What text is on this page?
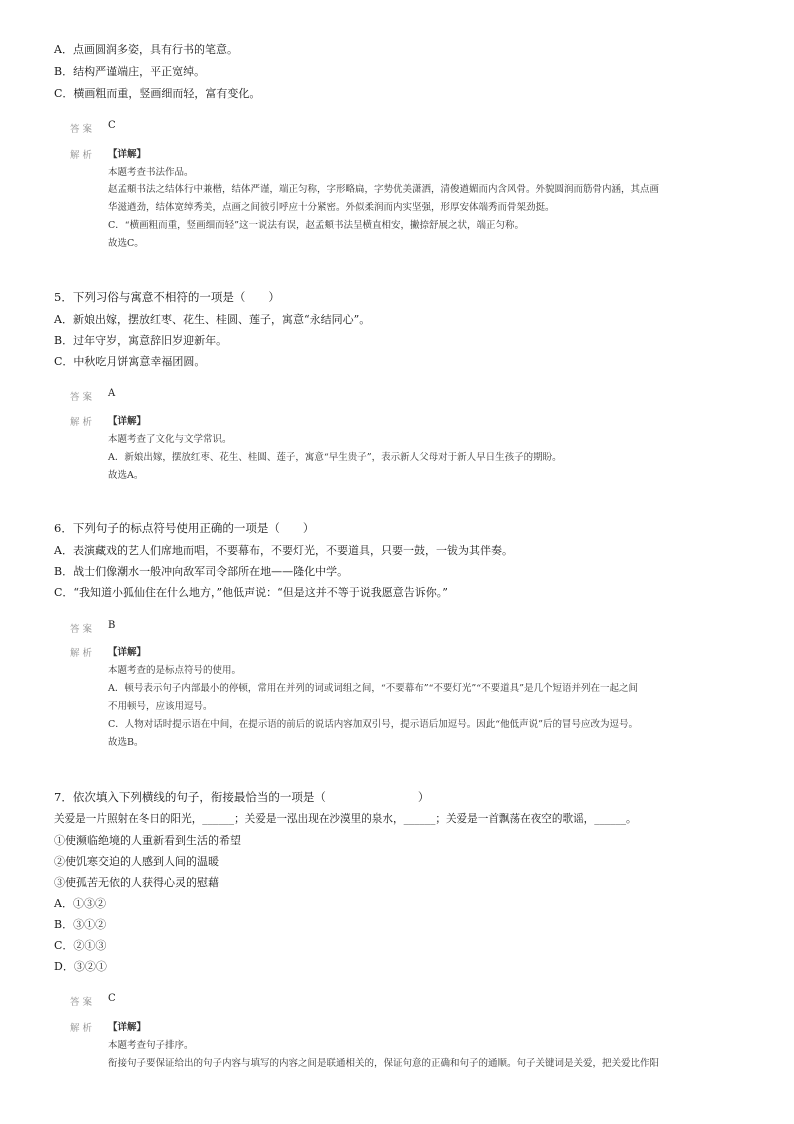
A．点画圆润多姿，具有行书的笔意。
B．结构严谨端庄，平正宽绰。
C．横画粗而重，竖画细而轻，富有变化。
答案 C
解析 【详解】
本题考查书法作品。
赵孟頫书法之结体行中兼楷，结体严谨，端正匀称，字形略扁，字势优美潇洒，清俊遒媚而内含风骨。外貌圆润而筋骨内涵，其点画
华滋遒劲，结体宽绰秀美，点画之间彼引呼应十分紧密。外似柔润而内实坚强，形厚安体端秀而骨架劲挺。
C．“横画粗而重，竖画细而轻”这一说法有误，赵孟頫书法呈横直相安，撇捺舒展之状，端正匀称。
故选C。
5．下列习俗与寓意不相符的一项是（　　）
A．新娘出嫁，摆放红枣、花生、桂圆、莲子，寓意“永结同心”。
B．过年守岁，寓意辞旧岁迎新年。
C．中秋吃月饼寓意幸福团圆。
答案 A
解析 【详解】
本题考查了文化与文学常识。
A．新娘出嫁，摆放红枣、花生、桂圆、莲子，寓意“早生贵子”，表示新人父母对于新人早日生孩子的期盼。
故选A。
6．下列句子的标点符号使用正确的一项是（　　）
A．表演藏戏的艺人们席地而唱，不要幕布，不要灯光，不要道具，只要一鼓，一钹为其伴奏。
B．战士们像潮水一般冲向敌军司令部所在地——隆化中学。
C．“我知道小狐仙住在什么地方，”他低声说：“但是这并不等于说我愿意告诉你。”
答案 B
解析 【详解】
本题考查的是标点符号的使用。
A．顿号表示句子内部最小的停顿，常用在并列的词或词组之间，“不要幕布”“不要灯光”“不要道具”是几个短语并列在一起之间
不用顿号，应该用逗号。
C．人物对话时提示语在中间，在提示语的前后的说话内容加双引号，提示语后加逗号。因此“他低声说”后的冒号应改为逗号。
故选B。
7．依次填入下列横线的句子，衔接最恰当的一项是（　　　　　　　　）
关爱是一片照射在冬日的阳光，______；关爱是一泓出现在沙漠里的泉水，______；关爱是一首飘荡在夜空的歌谣，______。
①使濒临绝境的人重新看到生活的希望
②使饥寒交迫的人感到人间的温暖
③使孤苦无依的人获得心灵的慰藉
A．①③②
B．③①②
C．②①③
D．③②①
答案 C
解析 【详解】
本题考查句子排序。
衔接句子要保证给出的句子内容与填写的内容之间是联通相关的，保证句意的正确和句子的通顺。句子关键词是关爱，把关爱比作阳
